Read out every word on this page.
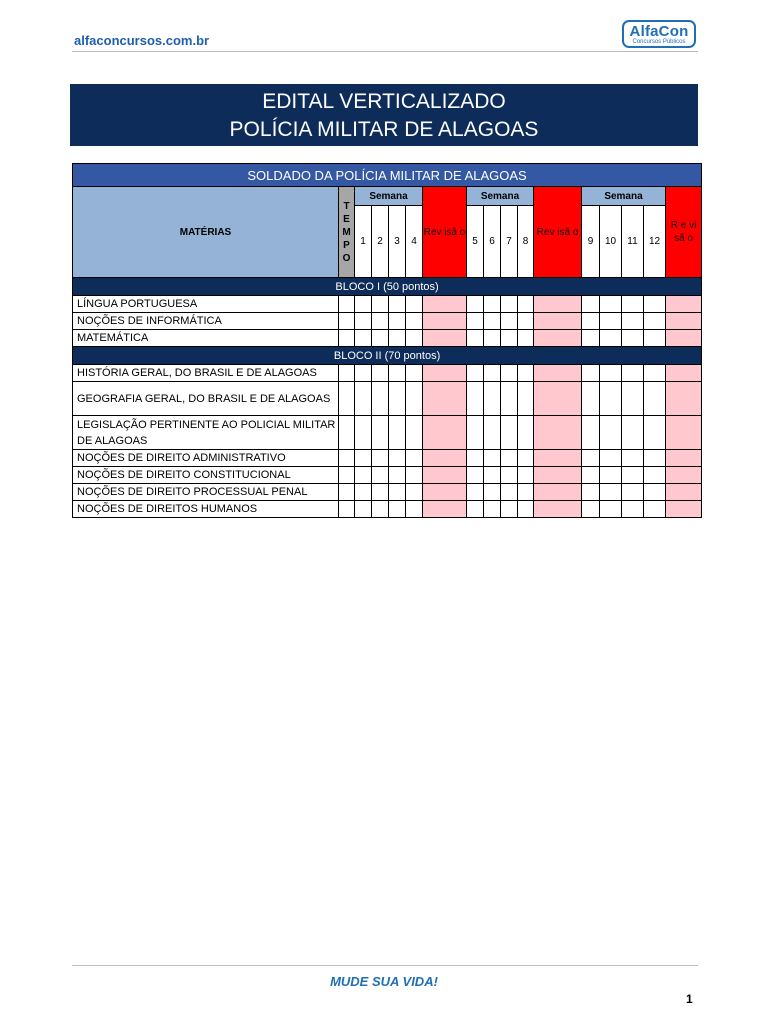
alfaconcursos.com.br
AlfaCon
Concursos Públicos
EDITAL VERTICALIZADO
POLÍCIA MILITAR DE ALAGOAS
SOLDADO DA POLÍCIA MILITAR DE ALAGOAS																
MATÉRIAS	T E M P O	Semana				Rev isã o	Semana				Rev isã o	Semana				R e vi sã o
		1	2	3	4		5	6	7	8		9	10	11	12	
BLOCO I (50 pontos)																
LÍNGUA PORTUGUESA																
NOÇÕES DE INFORMÁTICA																
MATEMÁTICA																
BLOCO II (70 pontos)																
HISTÓRIA GERAL, DO BRASIL E DE ALAGOAS																
GEOGRAFIA GERAL, DO BRASIL E DE ALAGOAS																
LEGISLAÇÃO PERTINENTE AO POLICIAL MILITAR DE ALAGOAS																
NOÇÕES DE DIREITO ADMINISTRATIVO																
NOÇÕES DE DIREITO CONSTITUCIONAL																
NOÇÕES DE DIREITO PROCESSUAL PENAL																
NOÇÕES DE DIREITOS HUMANOS																
MUDE SUA VIDA!
1
